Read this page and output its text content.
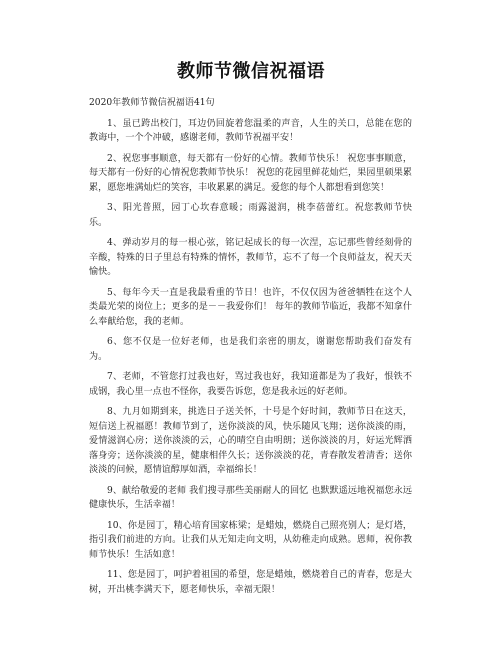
教师节微信祝福语

2020年教师节微信祝福语41句

1、虽已跨出校门，耳边仍回旋着您温柔的声音，人生的关口，总能在您的教诲中，一个个冲破，感谢老师，教师节祝福平安！

2、祝您事事顺意，每天都有一份好的心情。教师节快乐！ 祝您事事顺意，每天都有一份好的心情祝您教师节快乐！ 祝您的花园里鲜花灿烂，果园里硕果累累，愿您堆满灿烂的笑容，丰收累累的满足。爱您的每个人都想看到您笑！

3、阳光普照，园丁心坎春意暖；雨露滋润，桃李蓓蕾红。祝您教师节快乐。

4、弹动岁月的每一根心弦，铭记起成长的每一次涅，忘记那些曾经刻骨的辛酸，特殊的日子里总有特殊的情怀，教师节，忘不了每一个良师益友，祝天天愉快。

5、每年今天一直是我最看重的节日！也许，不仅仅因为爸爸牺牲在这个人类最光荣的岗位上；更多的是－－我爱你们！ 每年的教师节临近，我都不知拿什么奉献给您，我的老师。

6、您不仅是一位好老师，也是我们亲密的朋友，谢谢您帮助我们奋发有为。

7、老师，不管您打过我也好，骂过我也好，我知道都是为了我好，恨铁不成钢，我心里一点也不怪你，我要告诉您，您是我永远的好老师。

8、九月如期到来，挑选日子送关怀，十号是个好时间，教师节日在这天，短信送上祝福愿！教师节到了，送你淡淡的风，快乐随风飞翔；送你淡淡的雨，爱情滋润心房；送你淡淡的云，心的晴空自由明朗；送你淡淡的月，好运光辉洒落身旁；送你淡淡的星，健康相伴久长；送你淡淡的花，青春散发着清香；送你淡淡的问候，愿情谊醇厚如酒，幸福绵长！

9、献给敬爱的老师 我们搜寻那些美丽耐人的回忆 也默默遥远地祝福您永远健康快乐，生活幸福！

10、你是园丁，精心培育国家栋梁；是蜡烛，燃烧自己照亮别人；是灯塔，指引我们前进的方向。让我们从无知走向文明，从幼稚走向成熟。恩师，祝你教师节快乐！生活如意！

11、您是园丁，呵护着祖国的希望，您是蜡烛，燃烧着自己的青春，您是大树，开出桃李满天下，愿老师快乐，幸福无限！
